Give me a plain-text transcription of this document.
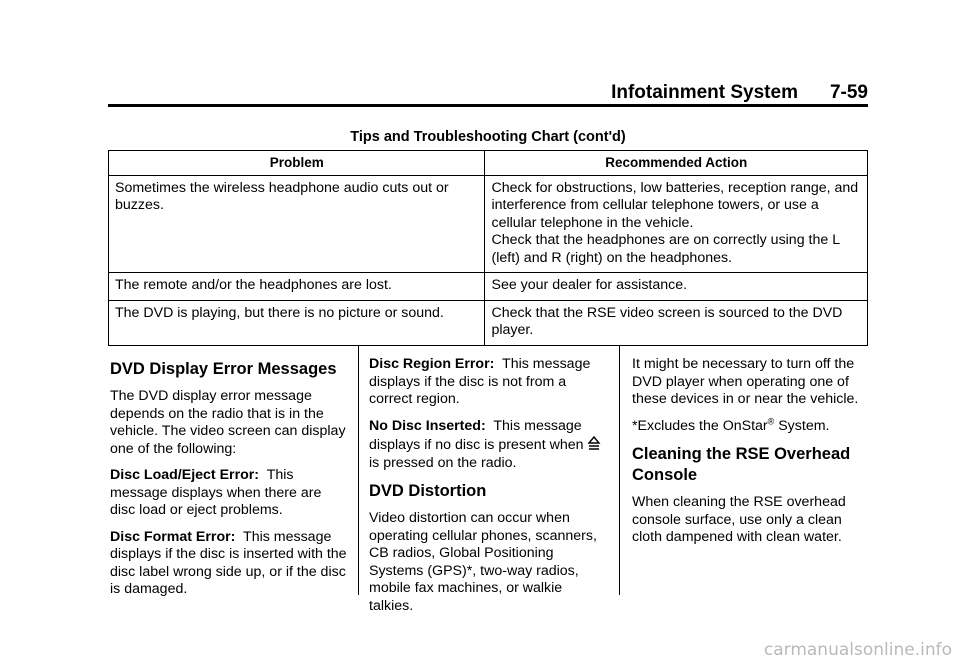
Infotainment System 7-59
Tips and Troubleshooting Chart (cont'd)
Problem	Recommended Action
Sometimes the wireless headphone audio cuts out or buzzes.	Check for obstructions, low batteries, reception range, and interference from cellular telephone towers, or use a cellular telephone in the vehicle.
Check that the headphones are on correctly using the L (left) and R (right) on the headphones.

The remote and/or the headphones are lost.	See your dealer for assistance.
The DVD is playing, but there is no picture or sound.	Check that the RSE video screen is sourced to the DVD player.
DVD Display Error Messages

The DVD display error message depends on the radio that is in the vehicle. The video screen can display one of the following:

Disc Load/Eject Error: This message displays when there are disc load or eject problems.

Disc Format Error: This message displays if the disc is inserted with the disc label wrong side up, or if the disc is damaged.

Disc Region Error: This message displays if the disc is not from a correct region.

No Disc Inserted: This message displays if no disc is present when is pressed on the radio.

DVD Distortion

Video distortion can occur when operating cellular phones, scanners, CB radios, Global Positioning Systems (GPS)*, two-way radios, mobile fax machines, or walkie talkies.

It might be necessary to turn off the DVD player when operating one of these devices in or near the vehicle.

*Excludes the OnStar® System.

Cleaning the RSE Overhead Console

When cleaning the RSE overhead console surface, use only a clean cloth dampened with clean water.

carmanualsonline.info
